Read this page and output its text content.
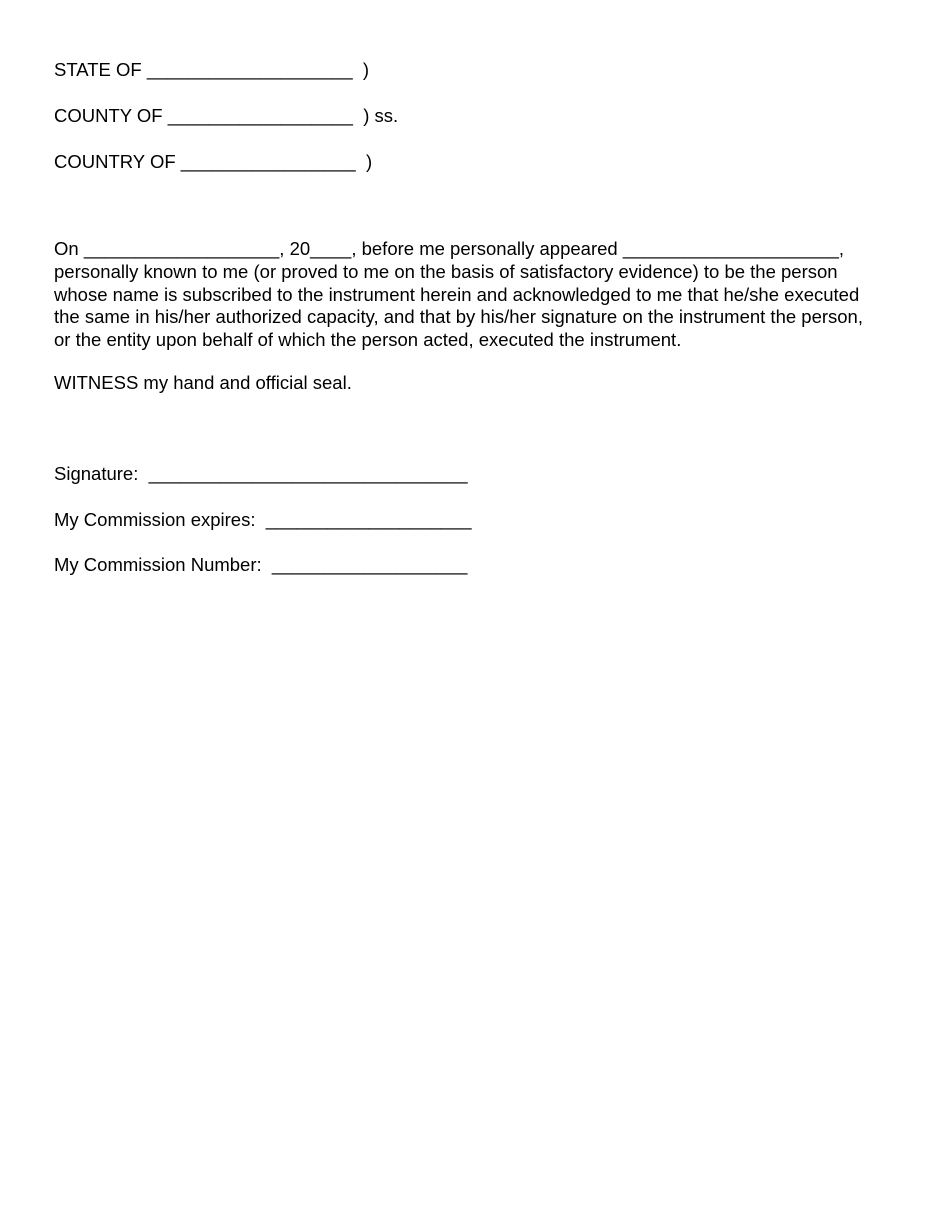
STATE OF ____________________  )

COUNTY OF __________________  ) ss.

COUNTRY OF _________________  )

On ___________________, 20____, before me personally appeared _____________________,
personally known to me (or proved to me on the basis of satisfactory evidence) to be the person
whose name is subscribed to the instrument herein and acknowledged to me that he/she executed
the same in his/her authorized capacity, and that by his/her signature on the instrument the person,
or the entity upon behalf of which the person acted, executed the instrument.

WITNESS my hand and official seal.

Signature:  _______________________________

My Commission expires:  ____________________

My Commission Number:  ___________________
